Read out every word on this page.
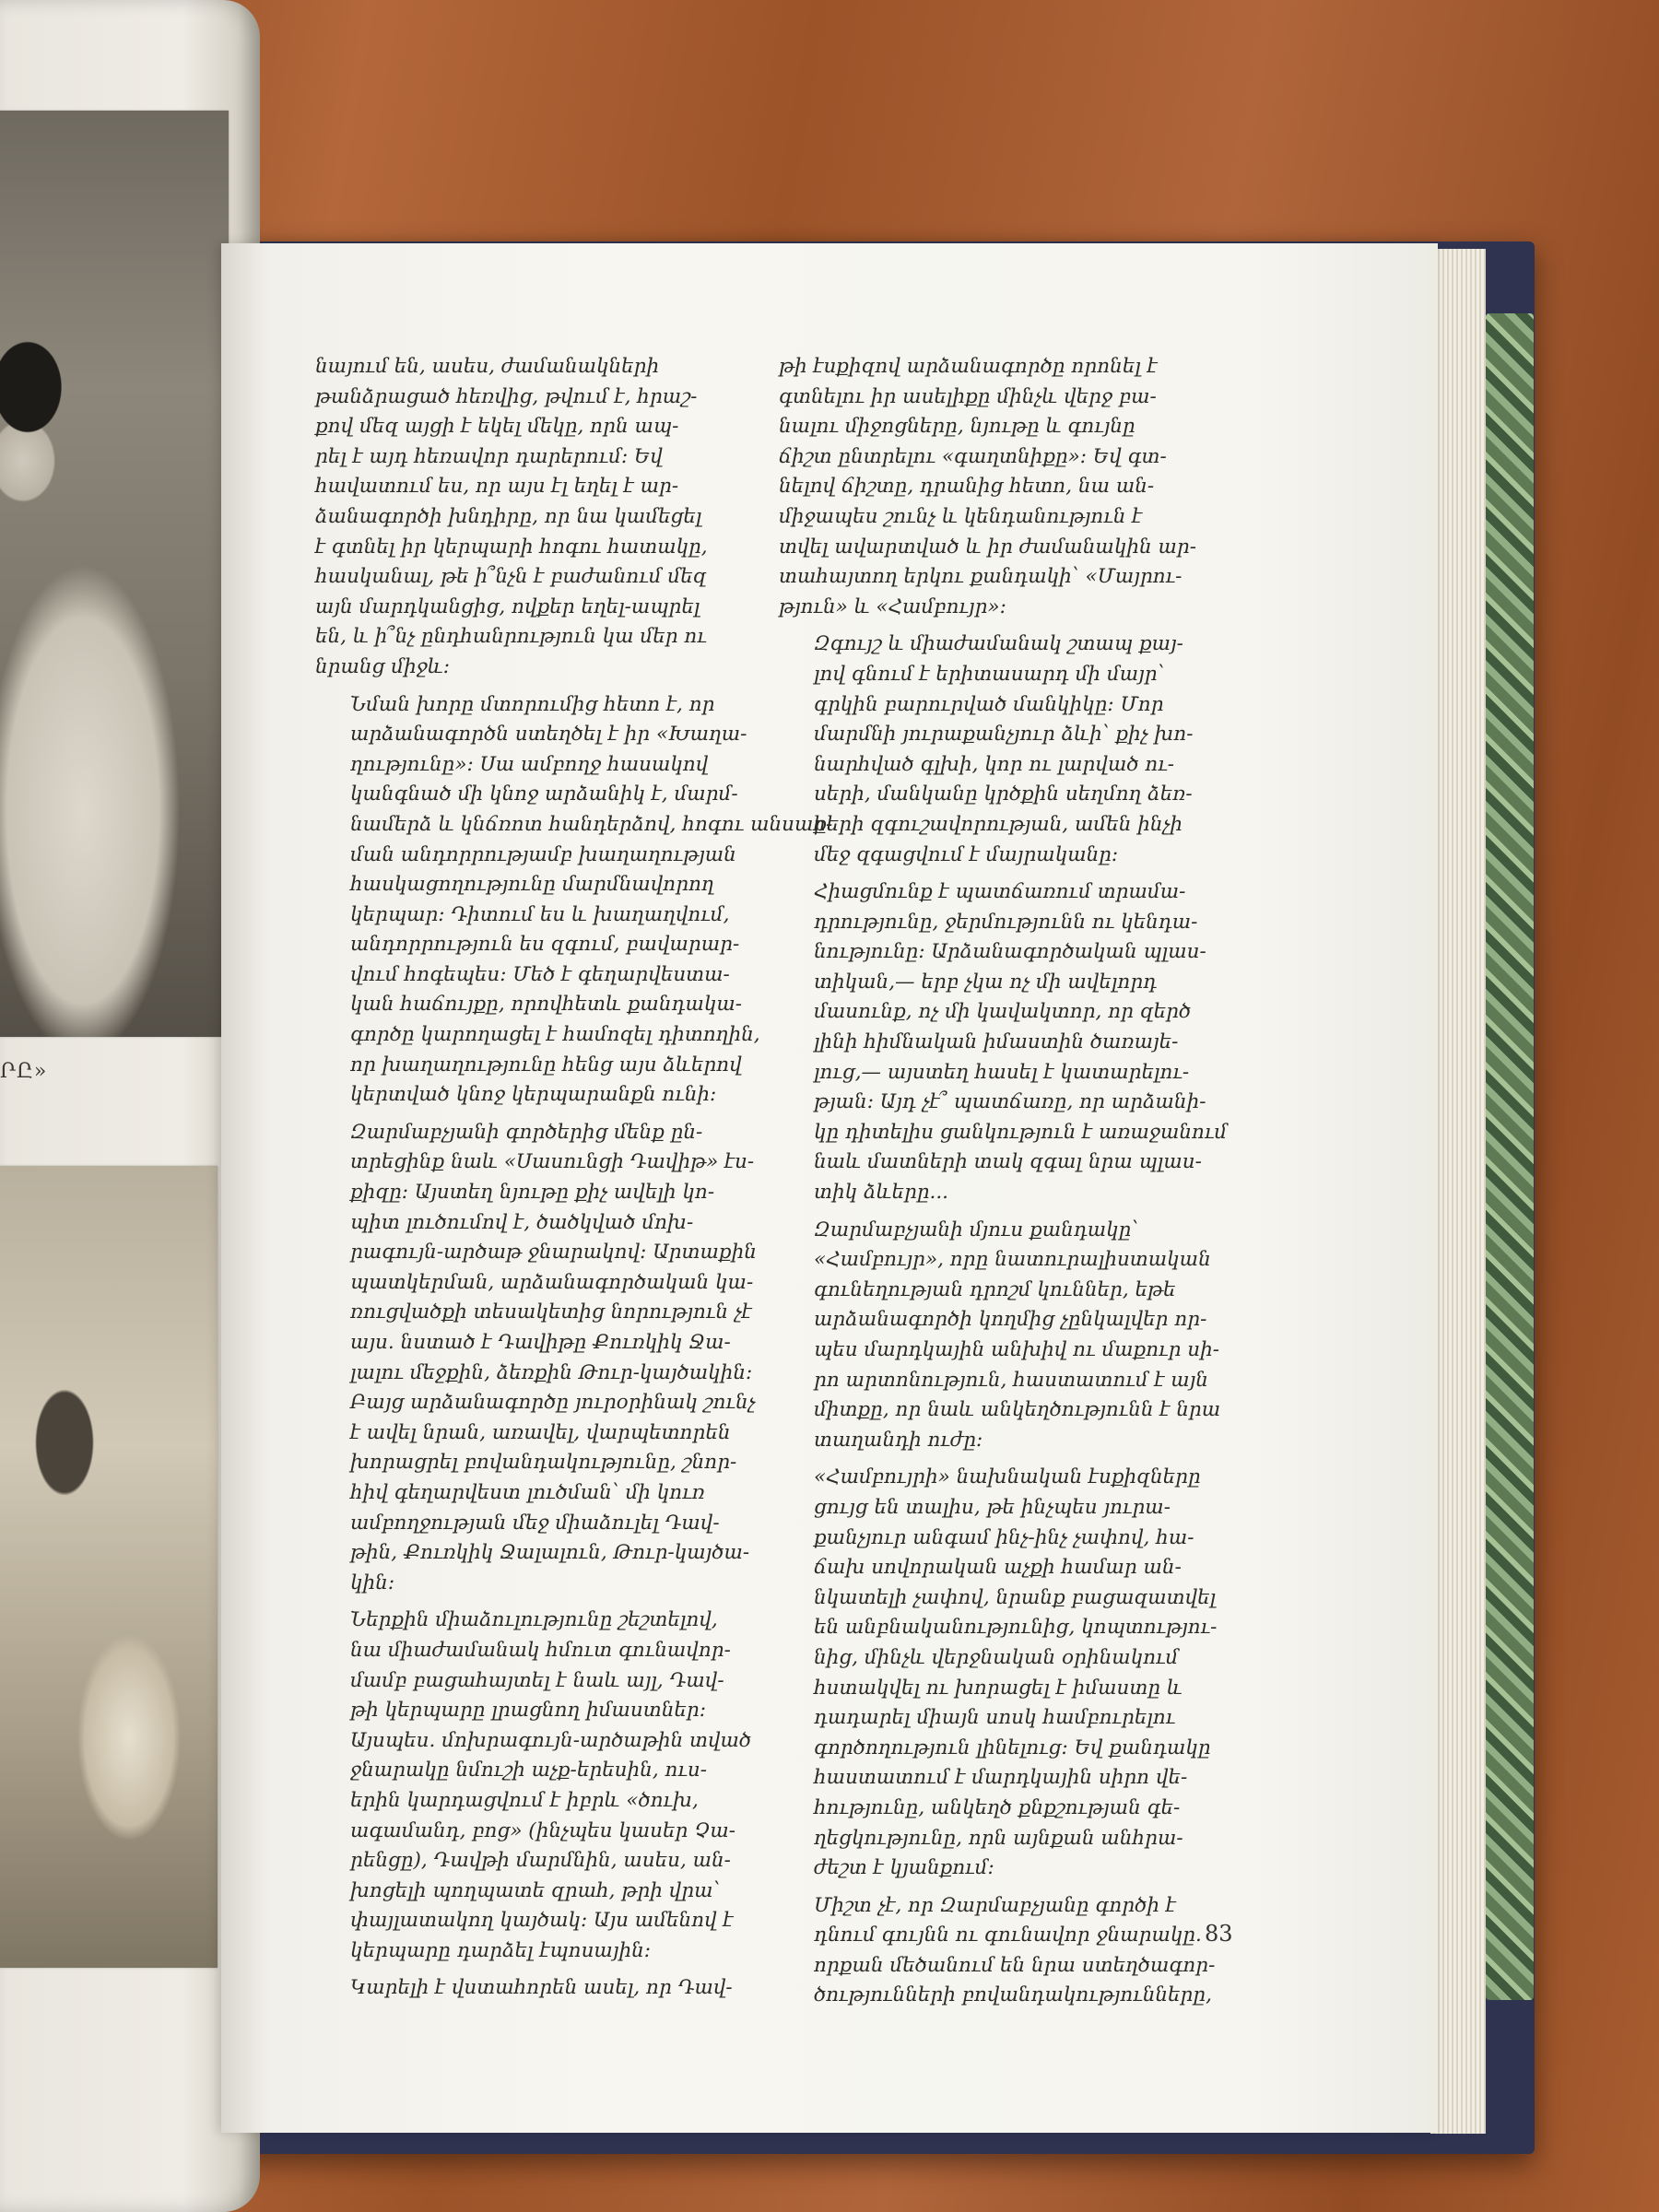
ՐԸ»

նայում են, ասես, ժամանակների
թանձրացած հեռվից, թվում է, հրաշ-
քով մեզ այցի է եկել մեկը, որն ապ-
րել է այդ հեռավոր դարերում: Եվ
հավատում ես, որ այս էլ եղել է ար-
ձանագործի խնդիրը, որ նա կամեցել
է գտնել իր կերպարի հոգու հատակը,
հասկանալ, թե ի՞նչն է բաժանում մեզ
այն մարդկանցից, ովքեր եղել-ապրել
են, և ի՞նչ ընդհանրություն կա մեր ու
նրանց միջև:

Նման խորը մտորումից հետո է, որ
արձանագործն ստեղծել է իր «Խաղա-
ղությունը»: Սա ամբողջ հասակով
կանգնած մի կնոջ արձանիկ է, մարմ-
նամերձ և կնճռոտ հանդերձով, հոգու անսահ-
ման անդորրությամբ խաղաղության
հասկացողությունը մարմնավորող
կերպար: Դիտում ես և խաղաղվում,
անդորրություն ես զգում, բավարար-
վում հոգեպես: Մեծ է գեղարվեստա-
կան հաճույքը, որովհետև քանդակա-
գործը կարողացել է համոզել դիտողին,
որ խաղաղությունը հենց այս ձևերով
կերտված կնոջ կերպարանքն ունի:

Զարմաբչյանի գործերից մենք ըն-
տրեցինք նաև «Սասունցի Դավիթ» էս-
քիզը: Այստեղ նյութը քիչ ավելի կո-
պիտ լուծումով է, ծածկված մոխ-
րագույն-արծաթ ջնարակով: Արտաքին
պատկերման, արձանագործական կա-
ռուցվածքի տեսակետից նորություն չէ
այս. նստած է Դավիթը Քուռկիկ Ջա-
լալու մեջքին, ձեռքին Թուր-կայծակին:
Բայց արձանագործը յուրօրինակ շունչ
է ավել նրան, առավել, վարպետորեն
խորացրել բովանդակությունը, շնոր-
հիվ գեղարվեստ լուծման՝ մի կուռ
ամբողջության մեջ միաձուլել Դավ-
թին, Քուռկիկ Ջալալուն, Թուր-կայծա-
կին:

Ներքին միաձուլությունը շեշտելով,
նա միաժամանակ հմուտ գունավոր-
մամբ բացահայտել է նաև այլ, Դավ-
թի կերպարը լրացնող իմաստներ:
Այսպես. մոխրագույն-արծաթին տված
ջնարակը նմուշի աչք-երեսին, ուս-
երին կարդացվում է իբրև «ծուխ,
ագամանդ, բոց» (ինչպես կասեր Չա-
րենցը), Դավթի մարմնին, ասես, ան-
խոցելի պողպատե զրահ, թրի վրա՝
փայլատակող կայծակ: Այս ամենով է
կերպարը դարձել էպոսային:

Կարելի է վստահորեն ասել, որ Դավ-

թի էսքիզով արձանագործը որոնել է
գտնելու իր ասելիքը մինչև վերջ բա-
նալու միջոցները, նյութը և գույնը
ճիշտ ընտրելու «գաղտնիքը»: Եվ գտ-
նելով ճիշտը, դրանից հետո, նա ան-
միջապես շունչ և կենդանություն է
տվել ավարտված և իր ժամանակին ար-
տահայտող երկու քանդակի՝ «Մայրու-
թյուն» և «Համբույր»:

Զգույշ և միաժամանակ շտապ քայ-
լով գնում է երիտասարդ մի մայր՝
գրկին բարուրված մանկիկը: Մոր
մարմնի յուրաքանչյուր ձևի՝ քիչ խո-
նարհված գլխի, կոր ու լարված ու-
սերի, մանկանը կրծքին սեղմող ձեռ-
քերի զգուշավորության, ամեն ինչի
մեջ զգացվում է մայրականը:

Հիացմունք է պատճառում տրամա-
դրությունը, ջերմությունն ու կենդա-
նությունը: Արձանագործական պլաս-
տիկան,— երբ չկա ոչ մի ավելորդ
մասունք, ոչ մի կավակտոր, որ զերծ
լինի հիմնական իմաստին ծառայե-
լուց,— այստեղ հասել է կատարելու-
թյան: Այդ չէ՞ պատճառը, որ արձանի-
կը դիտելիս ցանկություն է առաջանում
նաև մատների տակ զգալ նրա պլաս-
տիկ ձևերը...

Զարմաբչյանի մյուս քանդակը՝
«Համբույր», որը նատուրալիստական
գունեղության դրոշմ կուններ, եթե
արձանագործի կողմից չընկալվեր որ-
պես մարդկային անխիվ ու մաքուր սի-
րո արտոնություն, հաստատում է այն
միտքը, որ նաև անկեղծությունն է նրա
տաղանդի ուժը:

«Համբույրի» նախնական էսքիզները
ցույց են տալիս, թե ինչպես յուրա-
քանչյուր անգամ ինչ-ինչ չափով, հա-
ճախ սովորական աչքի համար ան-
նկատելի չափով, նրանք բացազատվել
են անբնականությունից, կոպտությու-
նից, մինչև վերջնական օրինակում
հստակվել ու խորացել է իմաստը և
դադարել միայն սոսկ համբուրելու
գործողություն լինելուց: Եվ քանդակը
հաստատում է մարդկային սիրո վե-
հությունը, անկեղծ քնքշության գե-
ղեցկությունը, որն այնքան անհրա-
ժեշտ է կյանքում:

Միշտ չէ, որ Զարմաբչյանը գործի է
դնում գույնն ու գունավոր ջնարակը.
որքան մեծանում են նրա ստեղծագոր-
ծությունների բովանդակությունները,

83
